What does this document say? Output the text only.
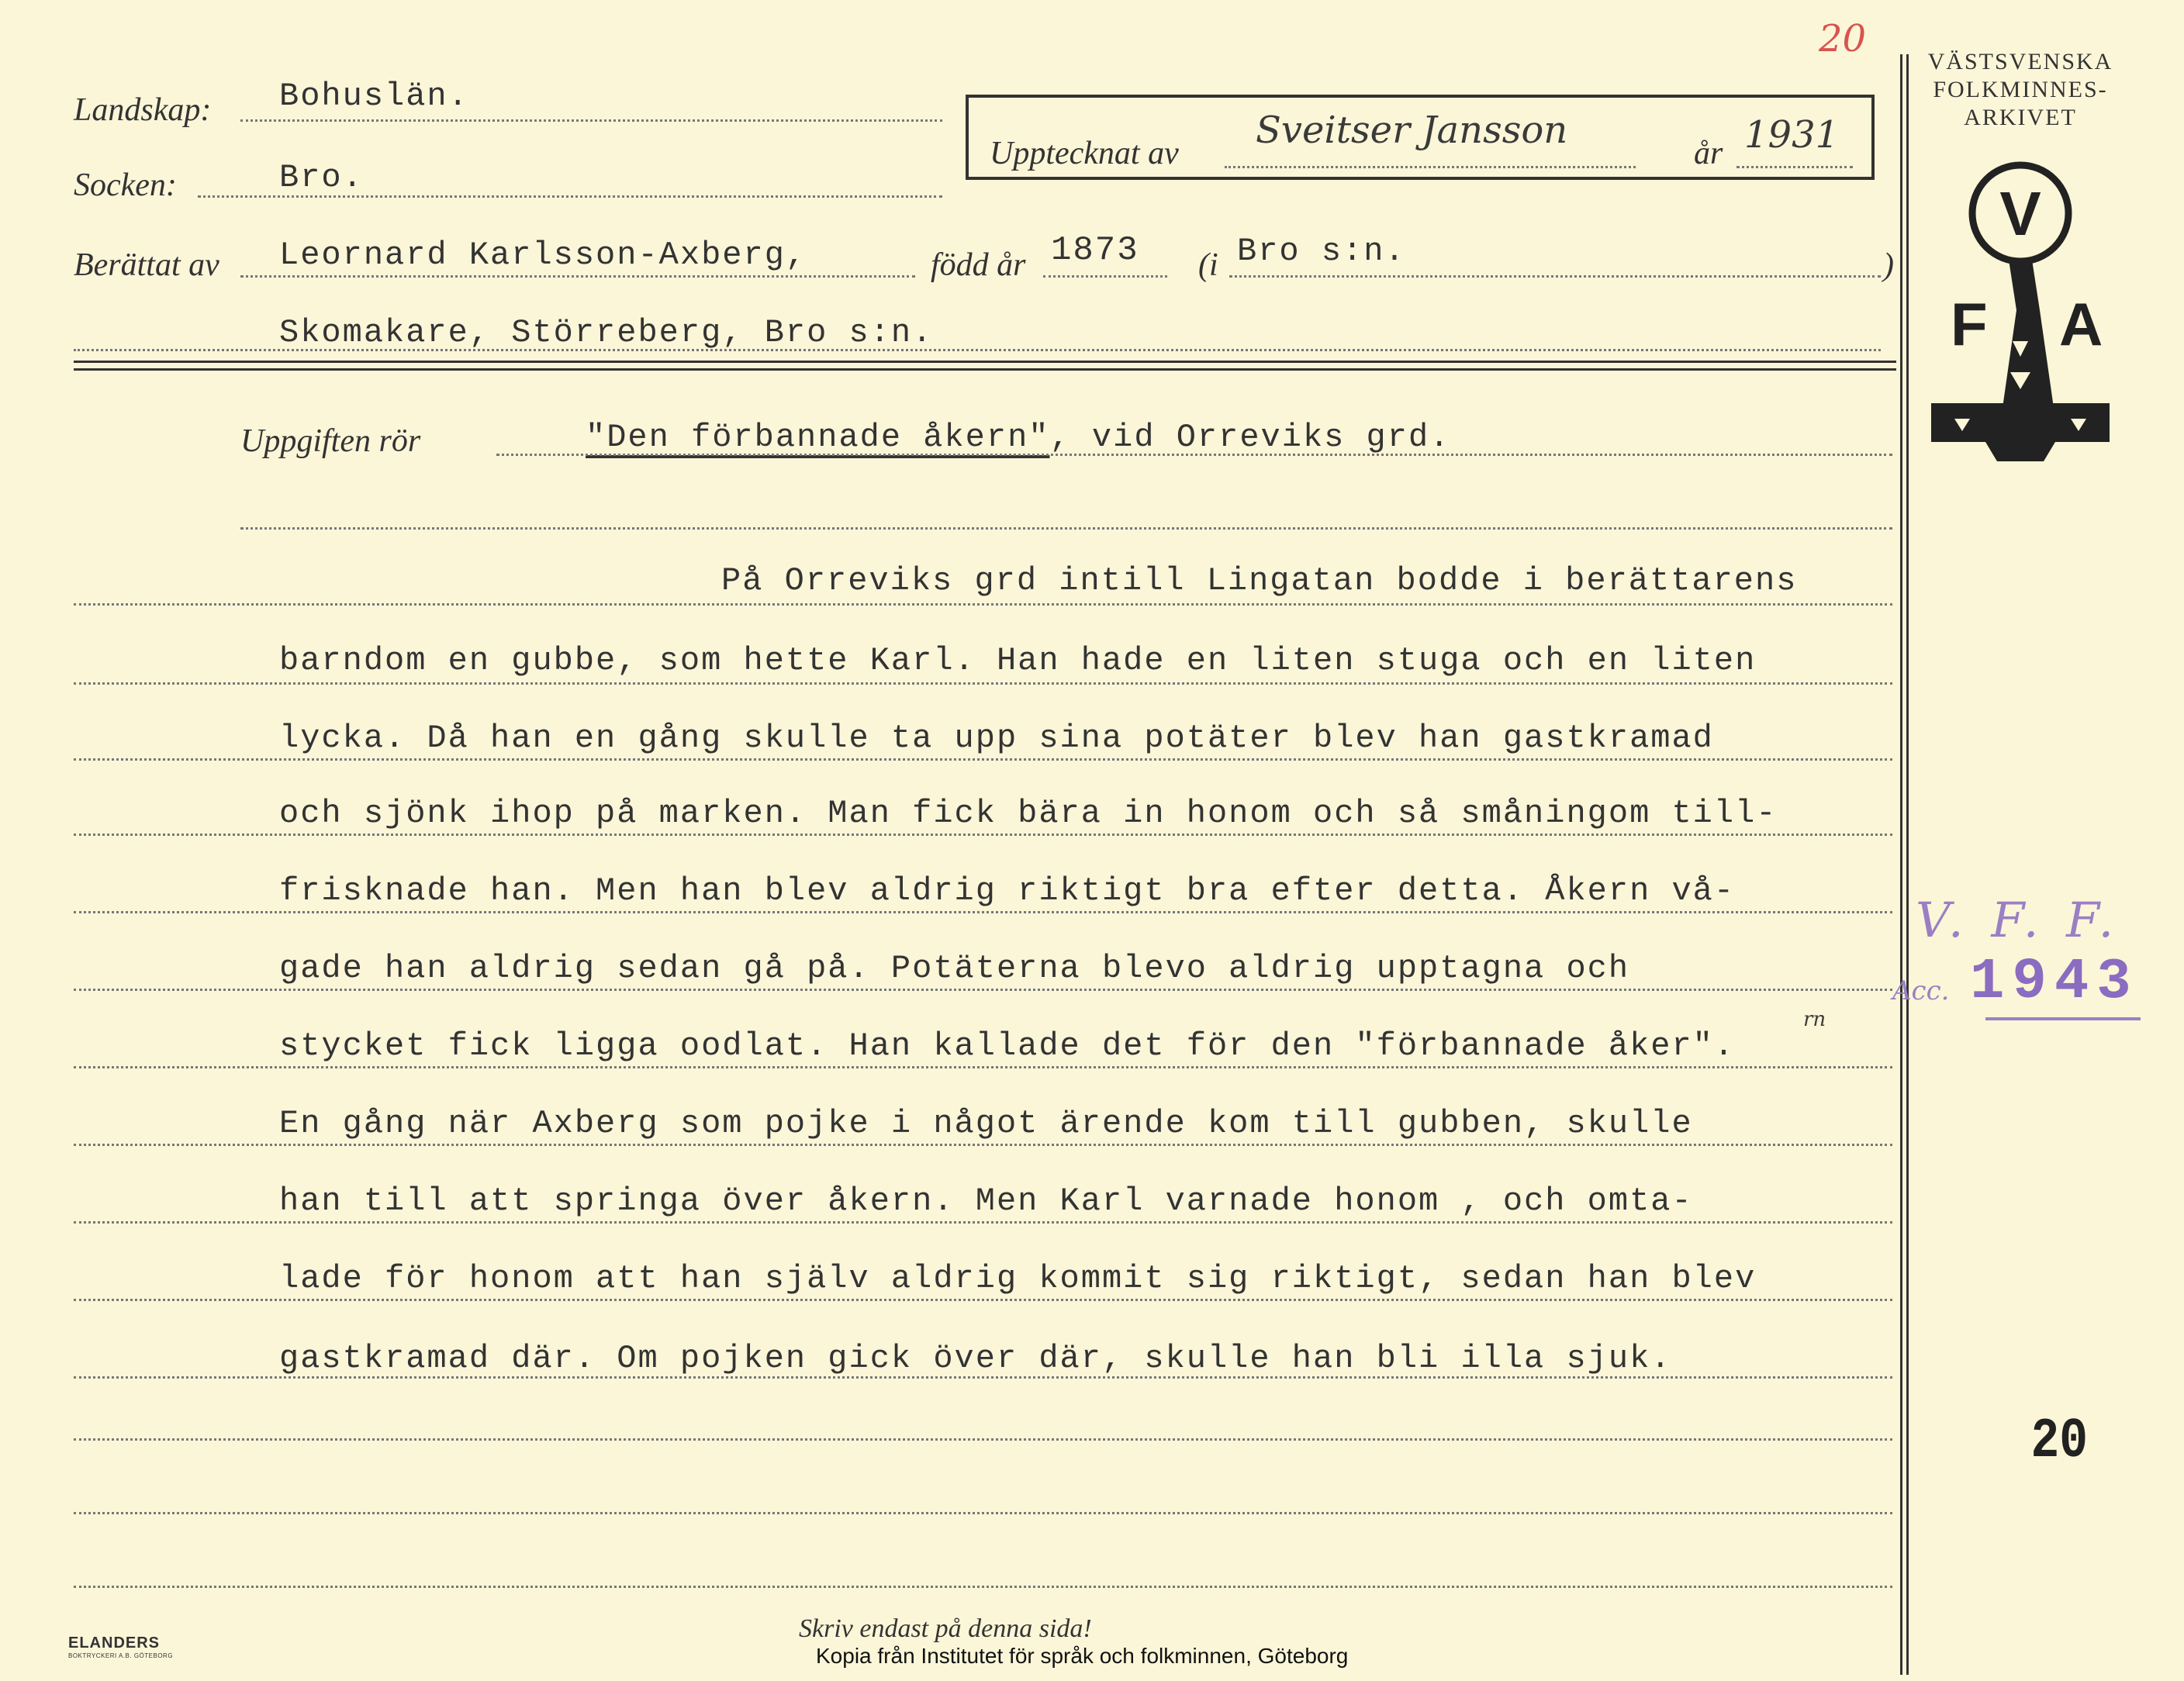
20
VÄSTSVENSKA
FOLKMINNES-
ARKIVET
V
F A
Landskap: Bohuslän.
Socken:	Bro.
Upptecknat av
Sveitser Jansson
år 1931
Berättat av Leornard Karlsson-Axberg,	född år 1873 (i Bro s:n.	)
Skomakare, Störreberg, Bro s:n.
Uppgiften rör	"Den förbannade åkern", vid Orreviks grd.
På Orreviks grd intill Lingatan bodde i berättarens
barndom en gubbe, som hette Karl. Han hade en liten stuga och en liten
lycka. Då han en gång skulle ta upp sina potäter blev han gastkramad
och sjönk ihop på marken. Man fick bära in honom och så småningom till-
frisknade han. Men han blev aldrig riktigt bra efter detta. Åkern vå-
gade han aldrig sedan gå på. Potäterna blevo aldrig upptagna och
stycket fick ligga oodlat. Han kallade det för den "förbannade åker".
rn
En gång när Axberg som pojke i något ärende kom till gubben, skulle
han till att springa över åkern. Men Karl varnade honom , och omta-
lade för honom att han själv aldrig kommit sig riktigt, sedan han blev
gastkramad där. Om pojken gick över där, skulle han bli illa sjuk.
V. F. F.
Acc. 1943
20
ELANDERS
BOKTRYCKERI A.B. GÖTEBORG
Skriv endast på denna sida!
Kopia från Institutet för språk och folkminnen, Göteborg
